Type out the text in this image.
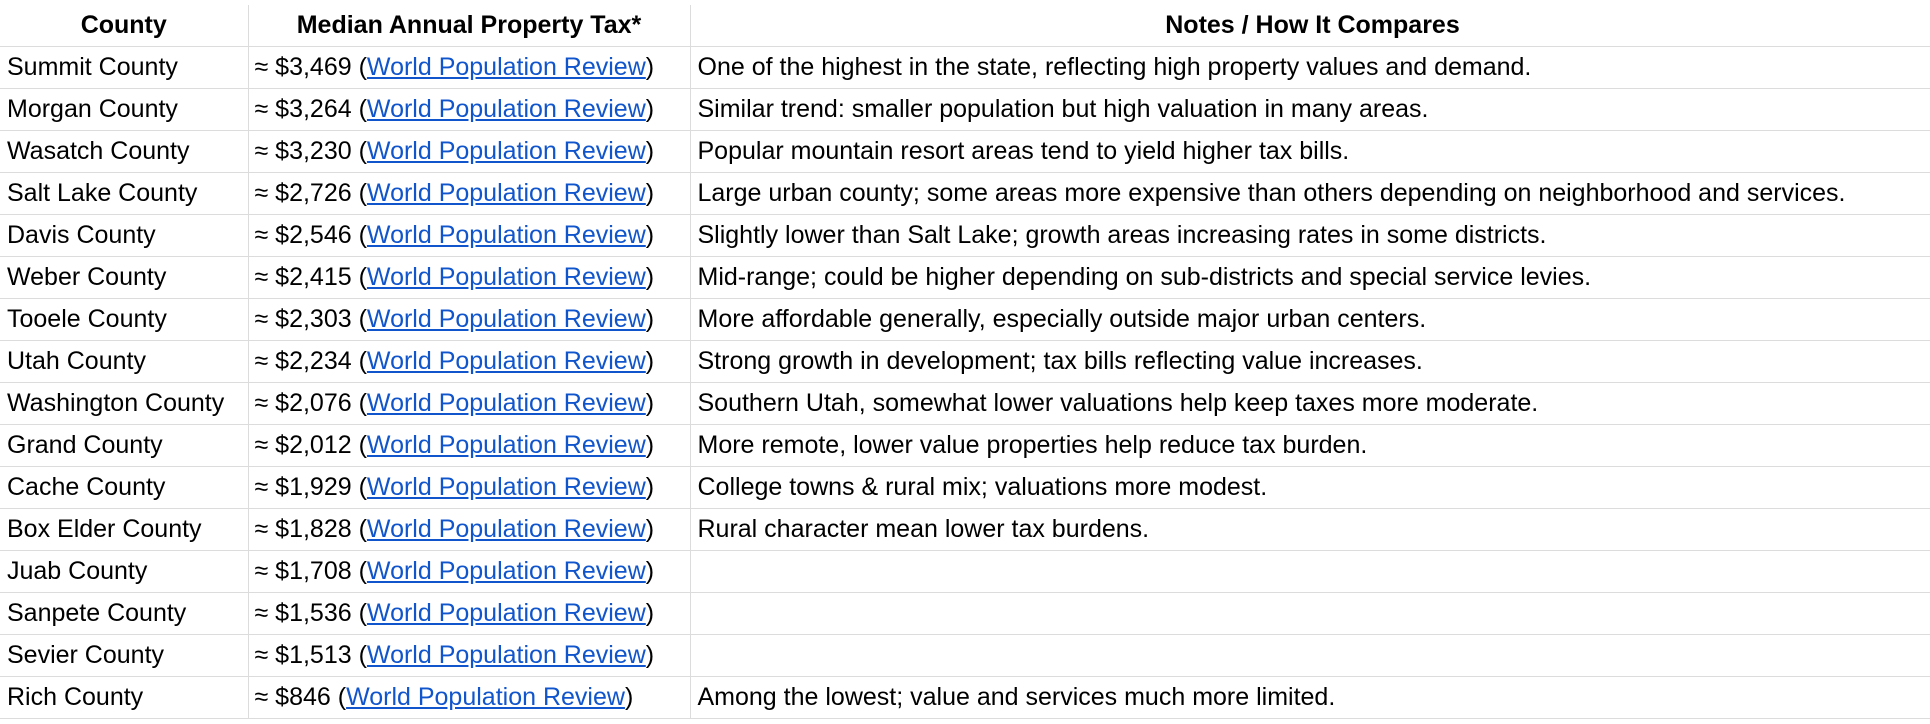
County	Median Annual Property Tax*	Notes / How It Compares
Summit County	≈ $3,469 (World Population Review)	One of the highest in the state, reflecting high property values and demand.
Morgan County	≈ $3,264 (World Population Review)	Similar trend: smaller population but high valuation in many areas.
Wasatch County	≈ $3,230 (World Population Review)	Popular mountain resort areas tend to yield higher tax bills.
Salt Lake County	≈ $2,726 (World Population Review)	Large urban county; some areas more expensive than others depending on neighborhood and services.
Davis County	≈ $2,546 (World Population Review)	Slightly lower than Salt Lake; growth areas increasing rates in some districts.
Weber County	≈ $2,415 (World Population Review)	Mid-range; could be higher depending on sub-districts and special service levies.
Tooele County	≈ $2,303 (World Population Review)	More affordable generally, especially outside major urban centers.
Utah County	≈ $2,234 (World Population Review)	Strong growth in development; tax bills reflecting value increases.
Washington County	≈ $2,076 (World Population Review)	Southern Utah, somewhat lower valuations help keep taxes more moderate.
Grand County	≈ $2,012 (World Population Review)	More remote, lower value properties help reduce tax burden.
Cache County	≈ $1,929 (World Population Review)	College towns & rural mix; valuations more modest.
Box Elder County	≈ $1,828 (World Population Review)	Rural character mean lower tax burdens.
Juab County	≈ $1,708 (World Population Review)	
Sanpete County	≈ $1,536 (World Population Review)	
Sevier County	≈ $1,513 (World Population Review)	
Rich County	≈ $846 (World Population Review)	Among the lowest; value and services much more limited.
